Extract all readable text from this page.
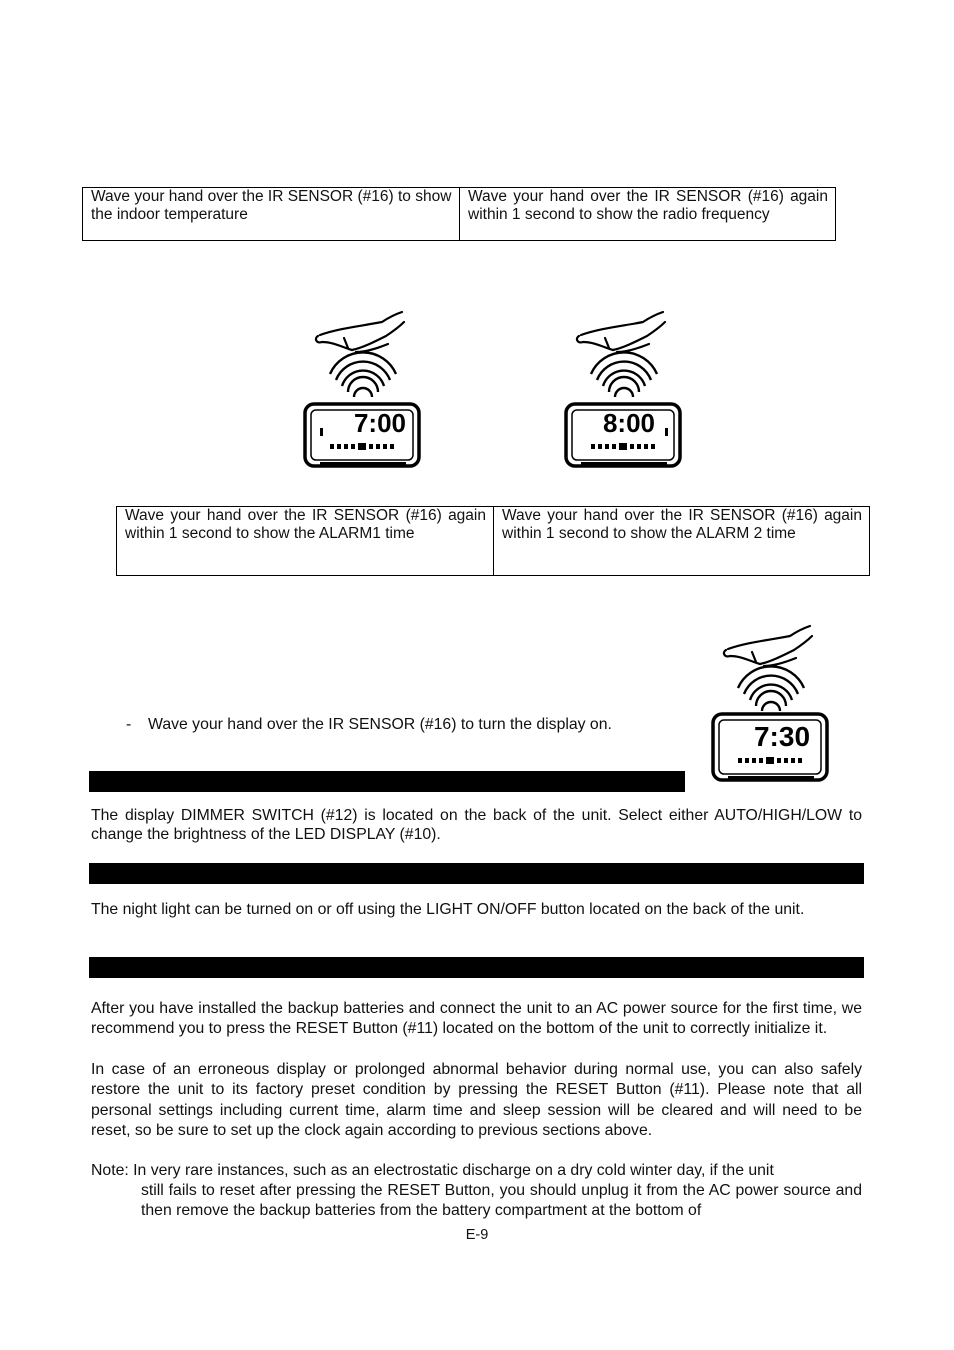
Wave your hand over the IR SENSOR (#16) to show the indoor temperature	Wave your hand over the IR SENSOR (#16) again within 1 second to show the radio frequency
7:00	8:00
Wave your hand over the IR SENSOR (#16) again within 1 second to show the ALARM1 time	Wave your hand over the IR SENSOR (#16) again within 1 second to show the ALARM 2 time
7:30
- Wave your hand over the IR SENSOR (#16) to turn the display on.
The display DIMMER SWITCH (#12) is located on the back of the unit. Select either AUTO/HIGH/LOW to change the brightness of the LED DISPLAY (#10).
The night light can be turned on or off using the LIGHT ON/OFF button located on the back of the unit.
After you have installed the backup batteries and connect the unit to an AC power source for the first time, we recommend you to press the RESET Button (#11) located on the bottom of the unit to correctly initialize it.
In case of an erroneous display or prolonged abnormal behavior during normal use, you can also safely restore the unit to its factory preset condition by pressing the RESET Button (#11). Please note that all personal settings including current time, alarm time and sleep session will be cleared and will need to be reset, so be sure to set up the clock again according to previous sections above.
Note: In very rare instances, such as an electrostatic discharge on a dry cold winter day, if the unit
still fails to reset after pressing the RESET Button, you should unplug it from the AC power source and then remove the backup batteries from the battery compartment at the bottom of
E-9
